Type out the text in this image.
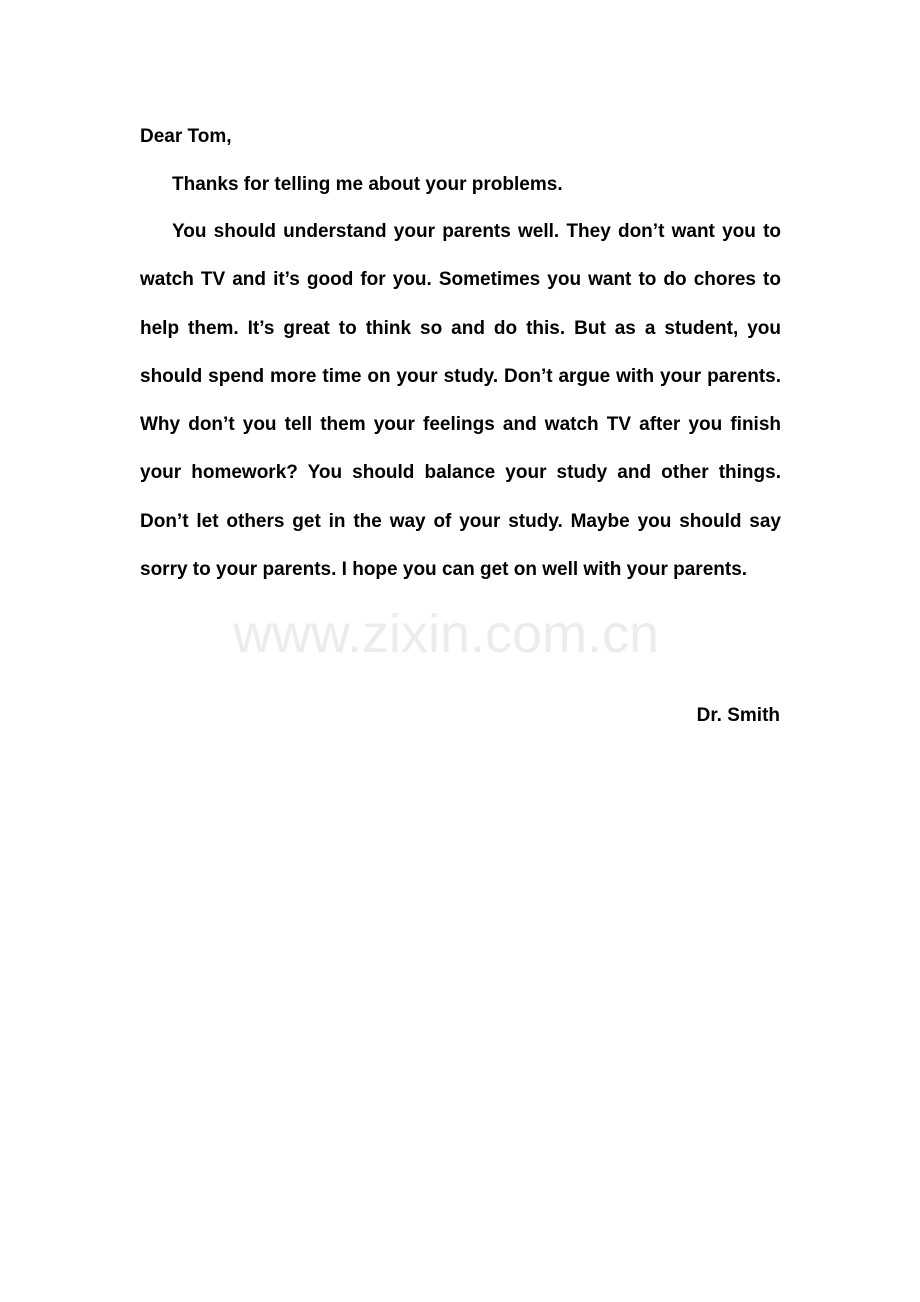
www.zixin.com.cn

Dear Tom,

Thanks for telling me about your problems.

You should understand your parents well. They don’t want you to watch TV and it’s good for you. Sometimes you want to do chores to help them. It’s great to think so and do this. But as a student, you should spend more time on your study. Don’t argue with your parents. Why don’t you tell them your feelings and watch TV after you finish your homework? You should balance your study and other things. Don’t let others get in the way of your study. Maybe you should say sorry to your parents. I hope you can get on well with your parents.

Dr. Smith
